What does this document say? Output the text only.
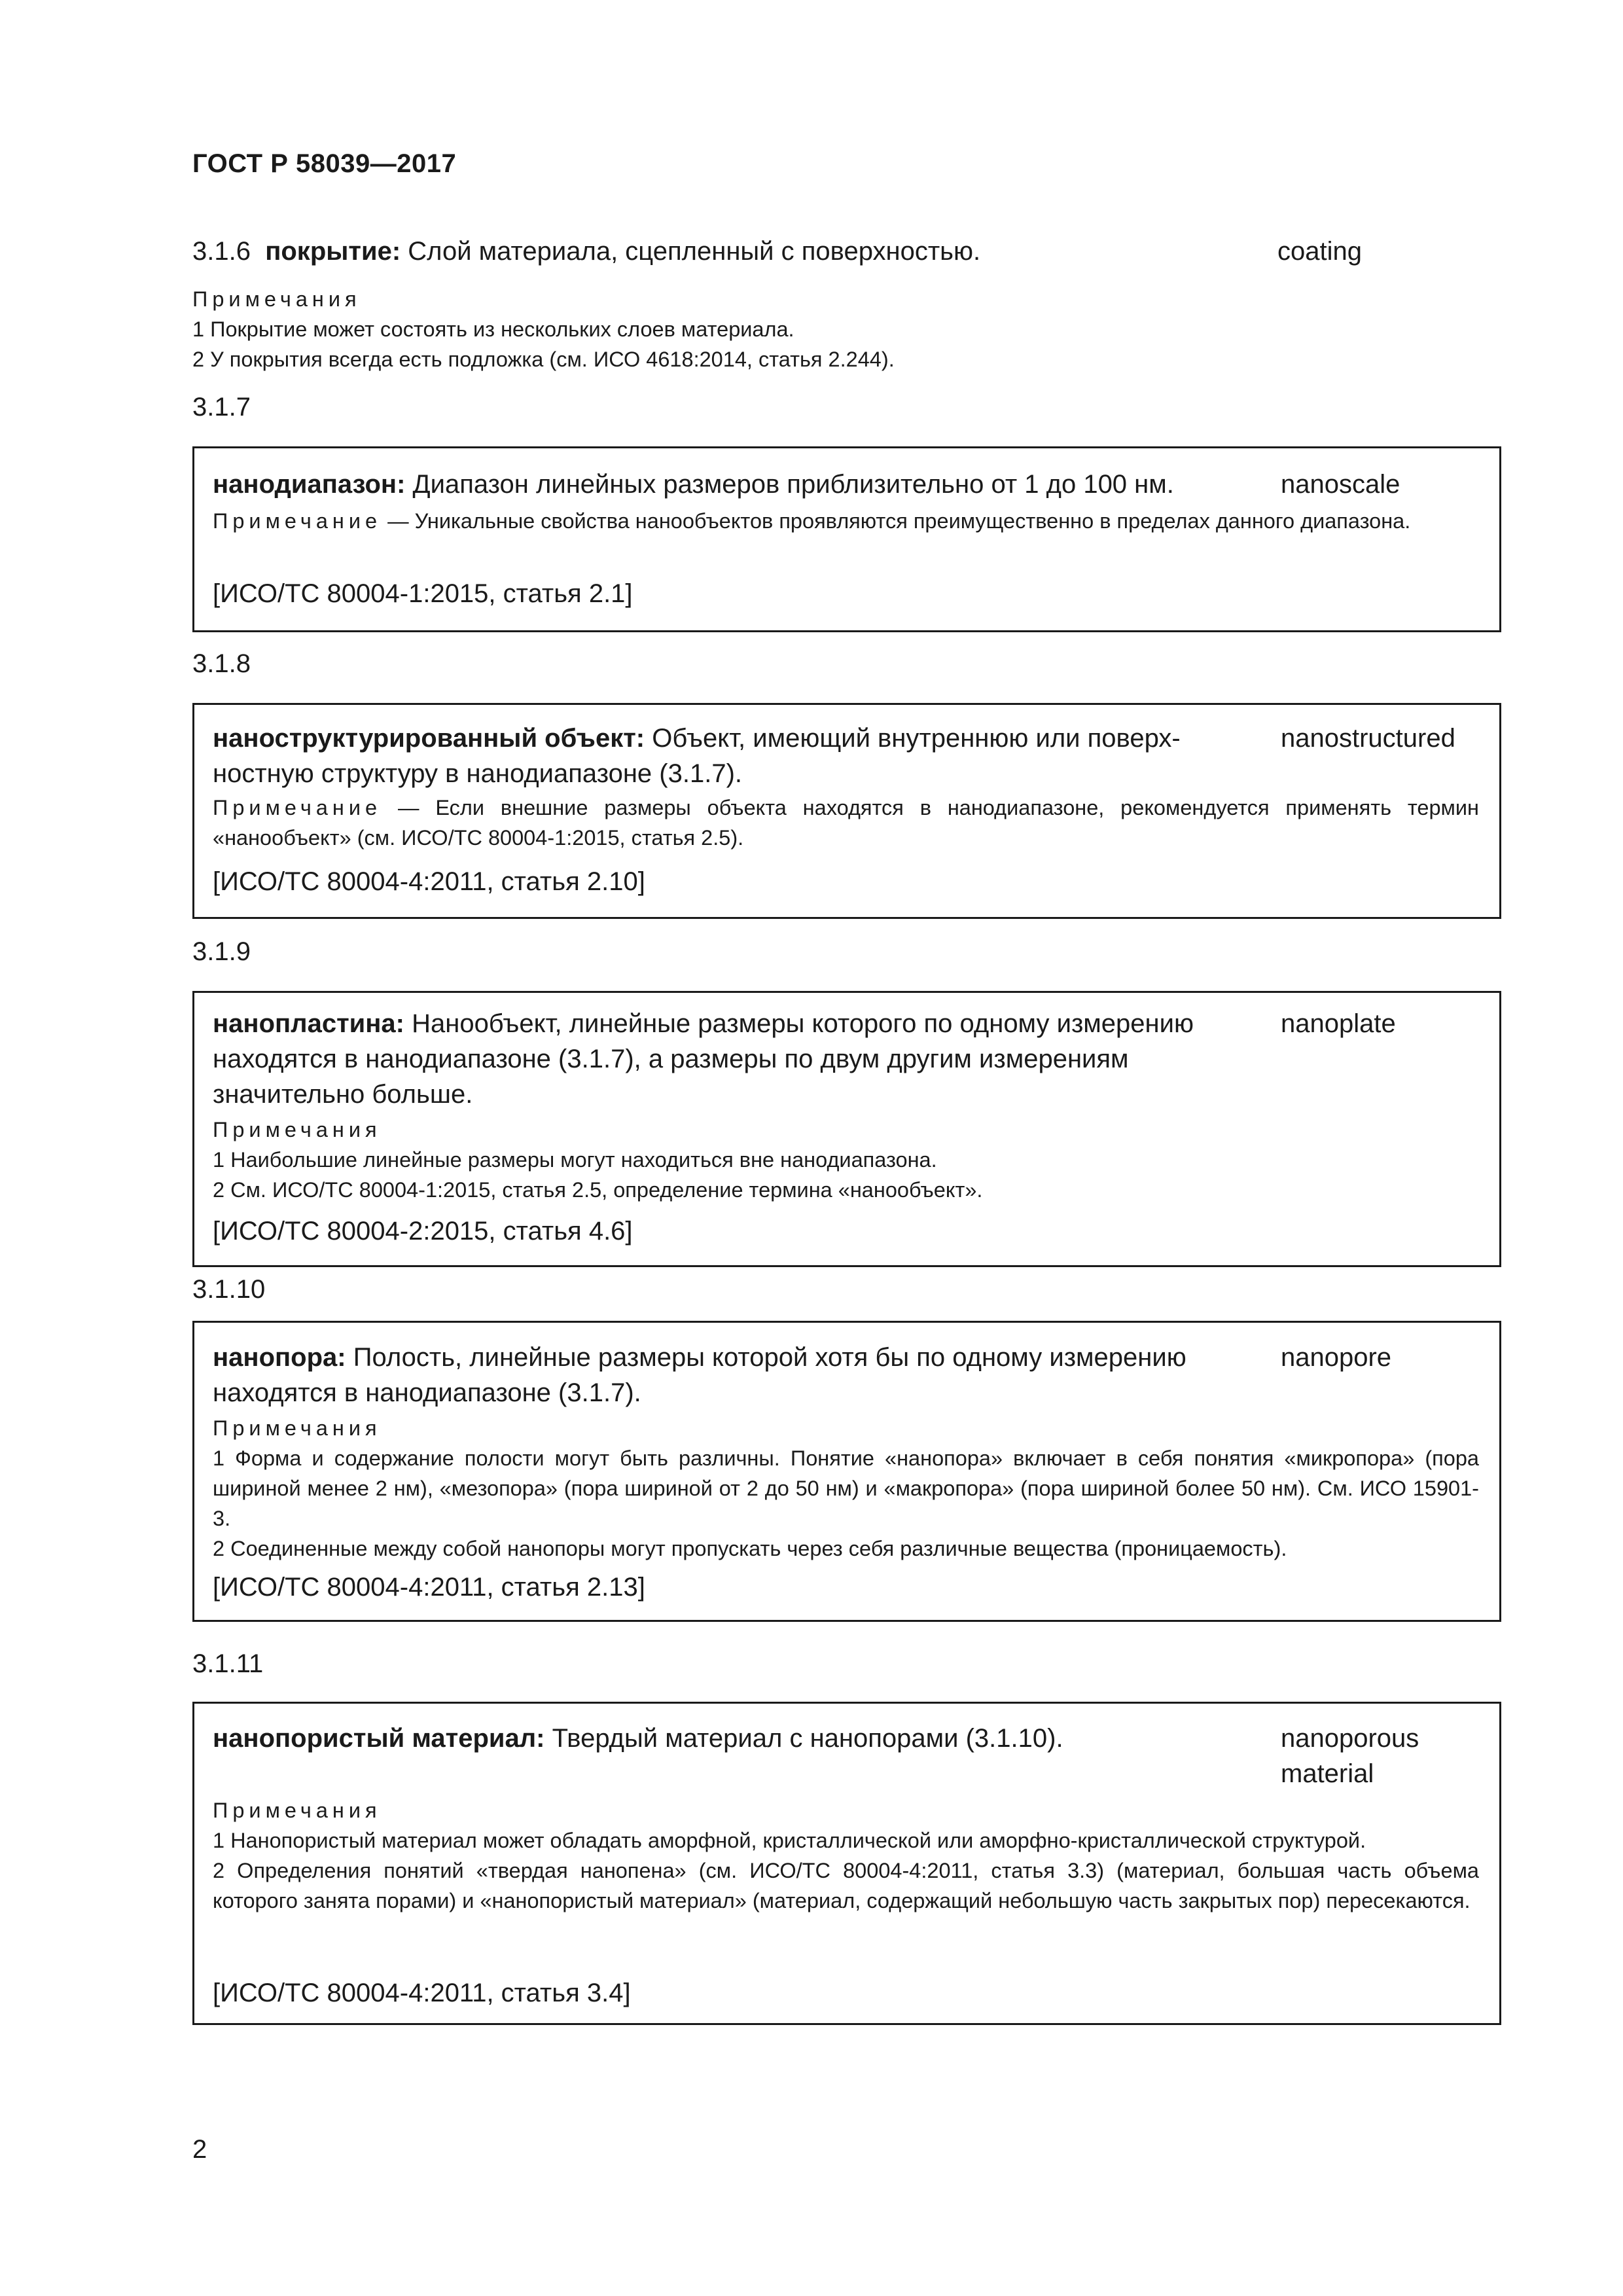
ГОСТ Р 58039—2017
3.1.6 покрытие: Слой материала, сцепленный с поверхностью.	coating
Примечания
1 Покрытие может состоять из нескольких слоев материала.
2 У покрытия всегда есть подложка (см. ИСО 4618:2014, статья 2.244).
3.1.7
нанодиапазон: Диапазон линейных размеров приблизительно от 1 до 100 нм.	nanoscale
Примечание — Уникальные свойства нанообъектов проявляются преимущественно в пределах данного диапазона.
[ИСО/ТС 80004-1:2015, статья 2.1]
3.1.8
наноструктурированный объект: Объект, имеющий внутреннюю или поверх-ностную структуру в нанодиапазоне (3.1.7).
nanostructured
Примечание — Если внешние размеры объекта находятся в нанодиапазоне, рекомендуется применять термин «нанообъект» (см. ИСО/ТС 80004-1:2015, статья 2.5).
[ИСО/ТС 80004-4:2011, статья 2.10]
3.1.9
нанопластина: Нанообъект, линейные размеры которого по одному измерению находятся в нанодиапазоне (3.1.7), а размеры по двум другим измерениям значительно больше.
nanoplate
Примечания
1 Наибольшие линейные размеры могут находиться вне нанодиапазона.
2 См. ИСО/ТС 80004-1:2015, статья 2.5, определение термина «нанообъект».
[ИСО/ТС 80004-2:2015, статья 4.6]
3.1.10
нанопора: Полость, линейные размеры которой хотя бы по одному измерению находятся в нанодиапазоне (3.1.7).
nanopore
Примечания
1 Форма и содержание полости могут быть различны. Понятие «нанопора» включает в себя понятия «микропора» (пора шириной менее 2 нм), «мезопора» (пора шириной от 2 до 50 нм) и «макропора» (пора шириной более 50 нм). См. ИСО 15901-3.
2 Соединенные между собой нанопоры могут пропускать через себя различные вещества (проницаемость).
[ИСО/ТС 80004-4:2011, статья 2.13]
3.1.11
нанопористый материал: Твердый материал с нанопорами (3.1.10).	nanoporous material
Примечания
1 Нанопористый материал может обладать аморфной, кристаллической или аморфно-кристаллической структурой.
2 Определения понятий «твердая нанопена» (см. ИСО/ТС 80004-4:2011, статья 3.3) (материал, большая часть объема которого занята порами) и «нанопористый материал» (материал, содержащий небольшую часть закрытых пор) пересекаются.
[ИСО/ТС 80004-4:2011, статья 3.4]
2
